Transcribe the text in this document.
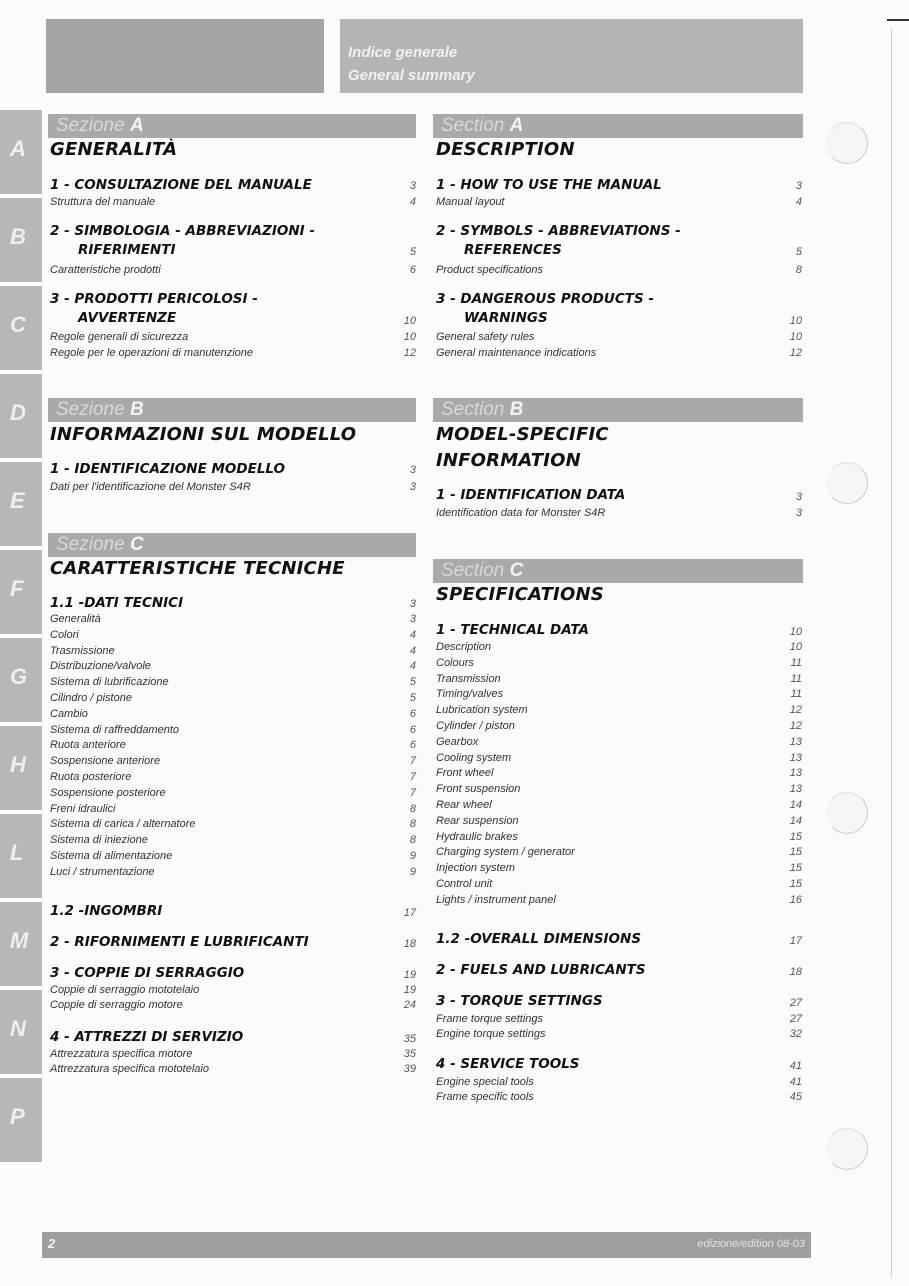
Indice generale
General summary
A
B
C
D
E
F
G
H
L
M
N
P
Sezione A
GENERALITÀ
1 - CONSULTAZIONE DEL MANUALE	3
Struttura del manuale	4
2 - SIMBOLOGIA - ABBREVIAZIONI -
RIFERIMENTI	5
Caratteristiche prodotti	6
3 - PRODOTTI PERICOLOSI -
AVVERTENZE	10
Regole generali di sicurezza	10
Regole per le operazioni di manutenzione	12
Sezione B
INFORMAZIONI SUL MODELLO
1 - IDENTIFICAZIONE MODELLO	3
Dati per l'identificazione del Monster S4R	3
Sezione C
CARATTERISTICHE TECNICHE
1.1 -DATI TECNICI	3
Generalità	3
Colori	4
Trasmissione	4
Distribuzione/valvole	4
Sistema di lubrificazione	5
Cilindro / pistone	5
Cambio	6
Sistema di raffreddamento	6
Ruota anteriore	6
Sospensione anteriore	7
Ruota posteriore	7
Sospensione posteriore	7
Freni idraulici	8
Sistema di carica / alternatore	8
Sistema di iniezione	8
Sistema di alimentazione	9
Luci / strumentazione	9
1.2 -INGOMBRI	17
2 - RIFORNIMENTI E LUBRIFICANTI	18
3 - COPPIE DI SERRAGGIO	19
Coppie di serraggio mototelaio	19
Coppie di serraggio motore	24
4 - ATTREZZI DI SERVIZIO	35
Attrezzatura specifica motore	35
Attrezzatura specifica mototelaio	39
Section A
DESCRIPTION
1 - HOW TO USE THE MANUAL	3
Manual layout	4
2 - SYMBOLS - ABBREVIATIONS -
REFERENCES	5
Product specifications	8
3 - DANGEROUS PRODUCTS -
WARNINGS	10
General safety rules	10
General maintenance indications	12
Section B
MODEL-SPECIFIC
INFORMATION
1 - IDENTIFICATION DATA	3
Identification data for Monster S4R	3
Section C
SPECIFICATIONS
1 - TECHNICAL DATA	10
Description	10
Colours	11
Transmission	11
Timing/valves	11
Lubrication system	12
Cylinder / piston	12
Gearbox	13
Cooling system	13
Front wheel	13
Front suspension	13
Rear wheel	14
Rear suspension	14
Hydraulic brakes	15
Charging system / generator	15
Injection system	15
Control unit	15
Lights / instrument panel	16
1.2 -OVERALL DIMENSIONS	17
2 - FUELS AND LUBRICANTS	18
3 - TORQUE SETTINGS	27
Frame torque settings	27
Engine torque settings	32
4 - SERVICE TOOLS	41
Engine special tools	41
Frame specific tools	45
2	edizione/edition 08-03
